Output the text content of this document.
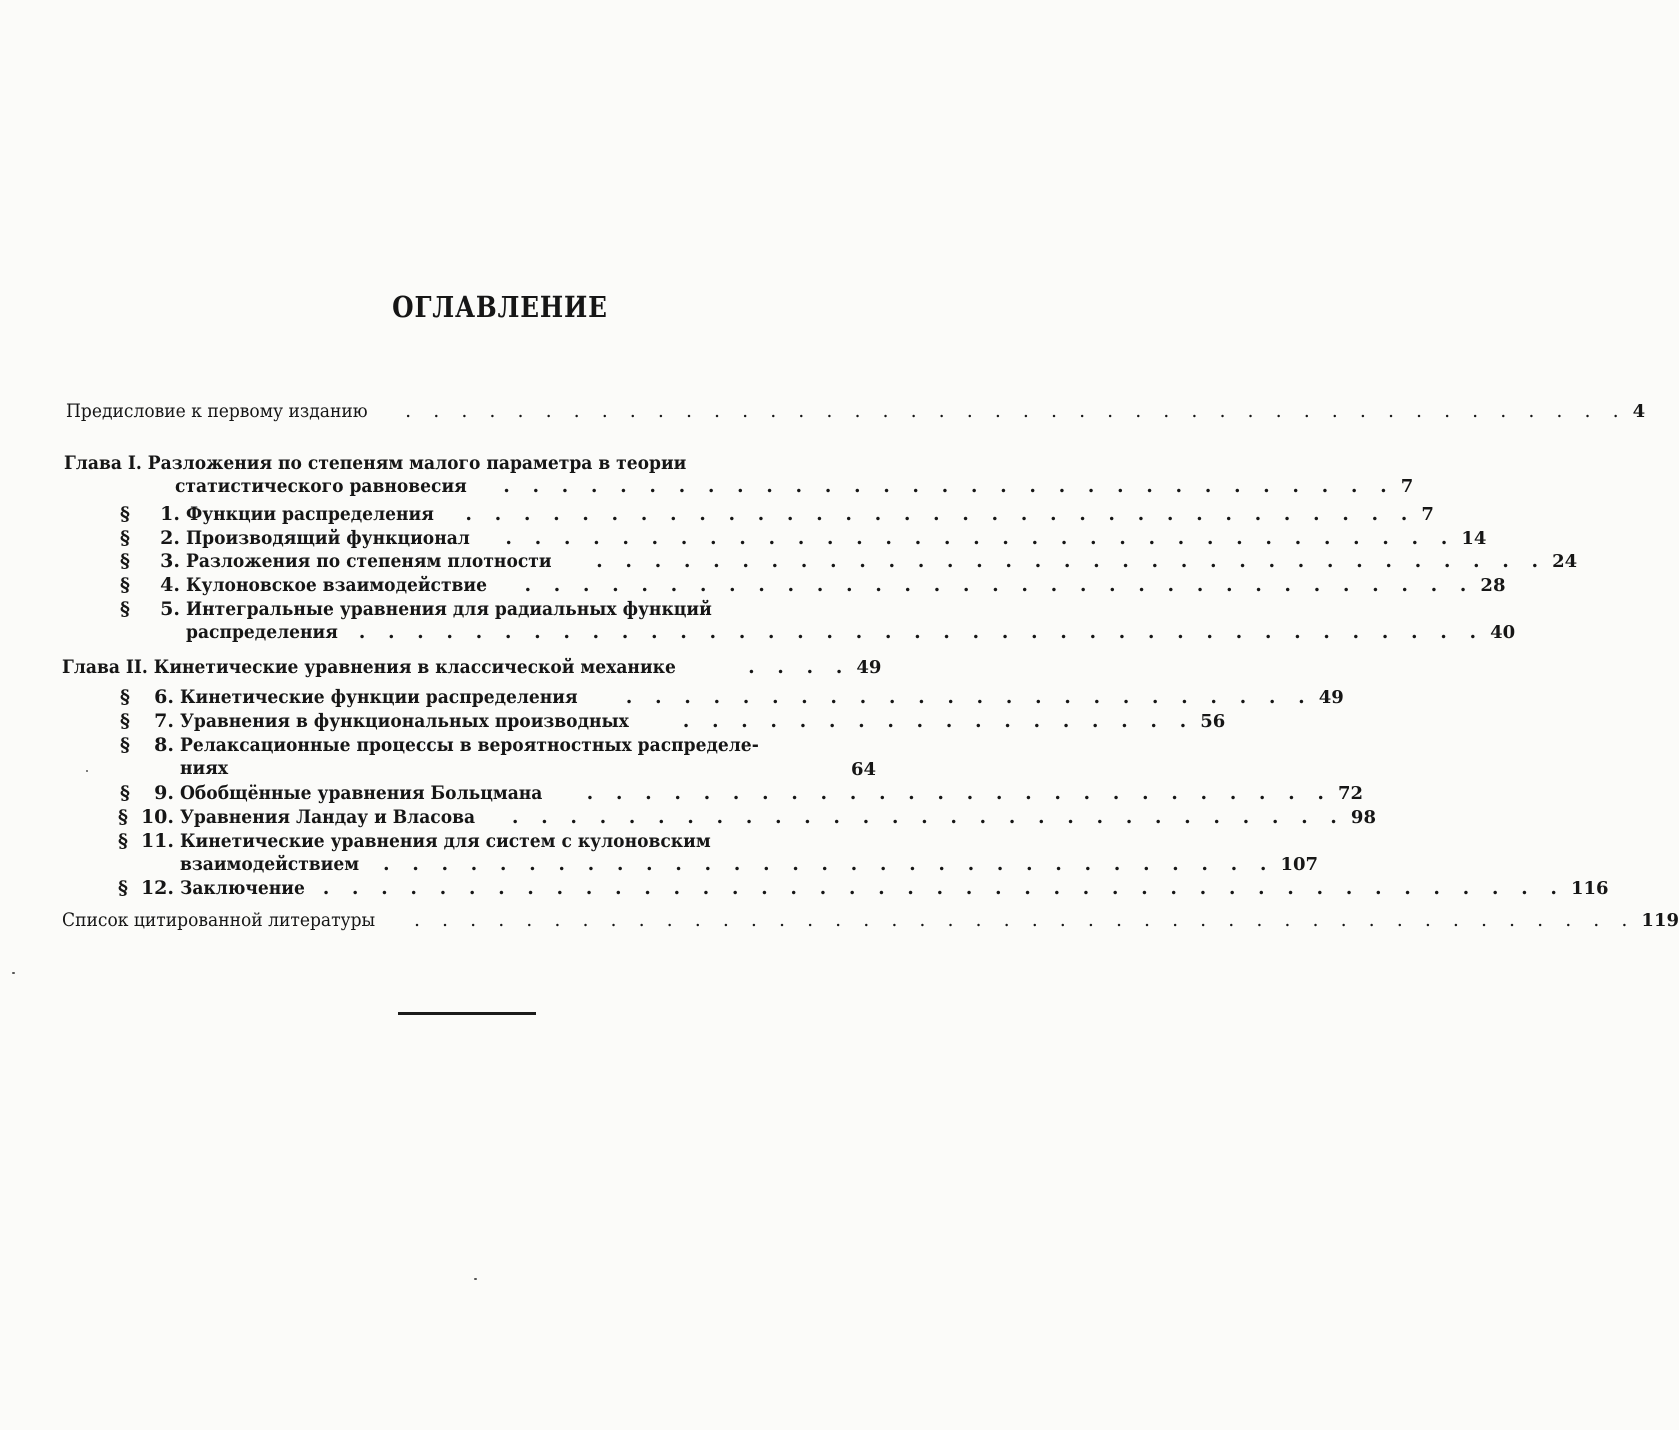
ОГЛАВЛЕНИЕ
Предисловие к первому изданию . . . . . . . . . . . . . . . . . . . . . . . . . . . . . . . . . . . . . . . . . . . . 4
Глава I. Разложения по степеням малого параметра в теории
статистического равновесия . . . . . . . . . . . . . . . . . . . . . . . . . . . . . . . 7
§	1. Функции распределения . . . . . . . . . . . . . . . . . . . . . . . . . . . . . . . . . 7
§	2. Производящий функционал . . . . . . . . . . . . . . . . . . . . . . . . . . . . . . . . . 14
§	3. Разложения по степеням плотности . . . . . . . . . . . . . . . . . . . . . . . . . . . . . . . . . 24
§	4. Кулоновское взаимодействие . . . . . . . . . . . . . . . . . . . . . . . . . . . . . . . . . 28
§	5. Интегральные уравнения для радиальных функций
распределения . . . . . . . . . . . . . . . . . . . . . . . . . . . . . . . . . . . . . . . 40
Глава II. Кинетические уравнения в классической механике	. . . . 49
§	6. Кинетические функции распределения	. . . . . . . . . . . . . . . . . . . . . . . . 49
§	7. Уравнения в функциональных производных	. . . . . . . . . . . . . . . . . . 56
§	8. Релаксационные процессы в вероятностных распределе-
ниях	64
§	9. Обобщённые уравнения Больцмана . . . . . . . . . . . . . . . . . . . . . . . . . . 72
§ 10. Уравнения Ландау и Власова . . . . . . . . . . . . . . . . . . . . . . . . . . . . . 98
§ 11. Кинетические уравнения для систем с кулоновским
взаимодействием . . . . . . . . . . . . . . . . . . . . . . . . . . . . . . . 107
§ 12. Заключение . . . . . . . . . . . . . . . . . . . . . . . . . . . . . . . . . . . . . . . . . . . 116
Список цитированной литературы . . . . . . . . . . . . . . . . . . . . . . . . . . . . . . . . . . . . . . . . . . . . 119
